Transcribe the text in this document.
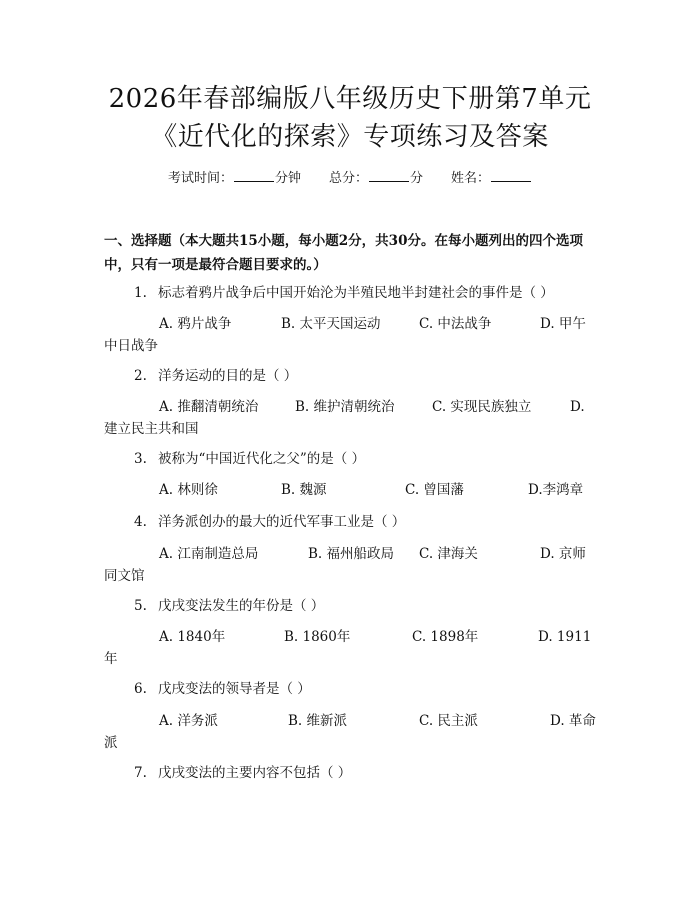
2026年春部编版八年级历史下册第7单元
《近代化的探索》专项练习及答案
考试时间：	分钟 总分：	分 姓名：
一、选择题（本大题共15小题，每小题2分，共30分。在每小题列出的四个选项中，只有一项是最符合题目要求的。）
1. 标志着鸦片战争后中国开始沦为半殖民地半封建社会的事件是（ ）
A. 鸦片战争	B. 太平天国运动	C. 中法战争	D. 甲午
中日战争
2. 洋务运动的目的是（ ）
A. 推翻清朝统治	B. 维护清朝统治	C. 实现民族独立	D.
建立民主共和国
3. 被称为“中国近代化之父”的是（ ）
A. 林则徐	B. 魏源	C. 曾国藩	D.李鸿章
4. 洋务派创办的最大的近代军事工业是（ ）
A. 江南制造总局	B. 福州船政局 C. 津海关	D. 京师
同文馆
5. 戊戌变法发生的年份是（ ）
A. 1840年	B. 1860年	C. 1898年	D. 1911
年
6. 戊戌变法的领导者是（ ）
A. 洋务派	B. 维新派	C. 民主派	D. 革命
派
7. 戊戌变法的主要内容不包括（ ）
